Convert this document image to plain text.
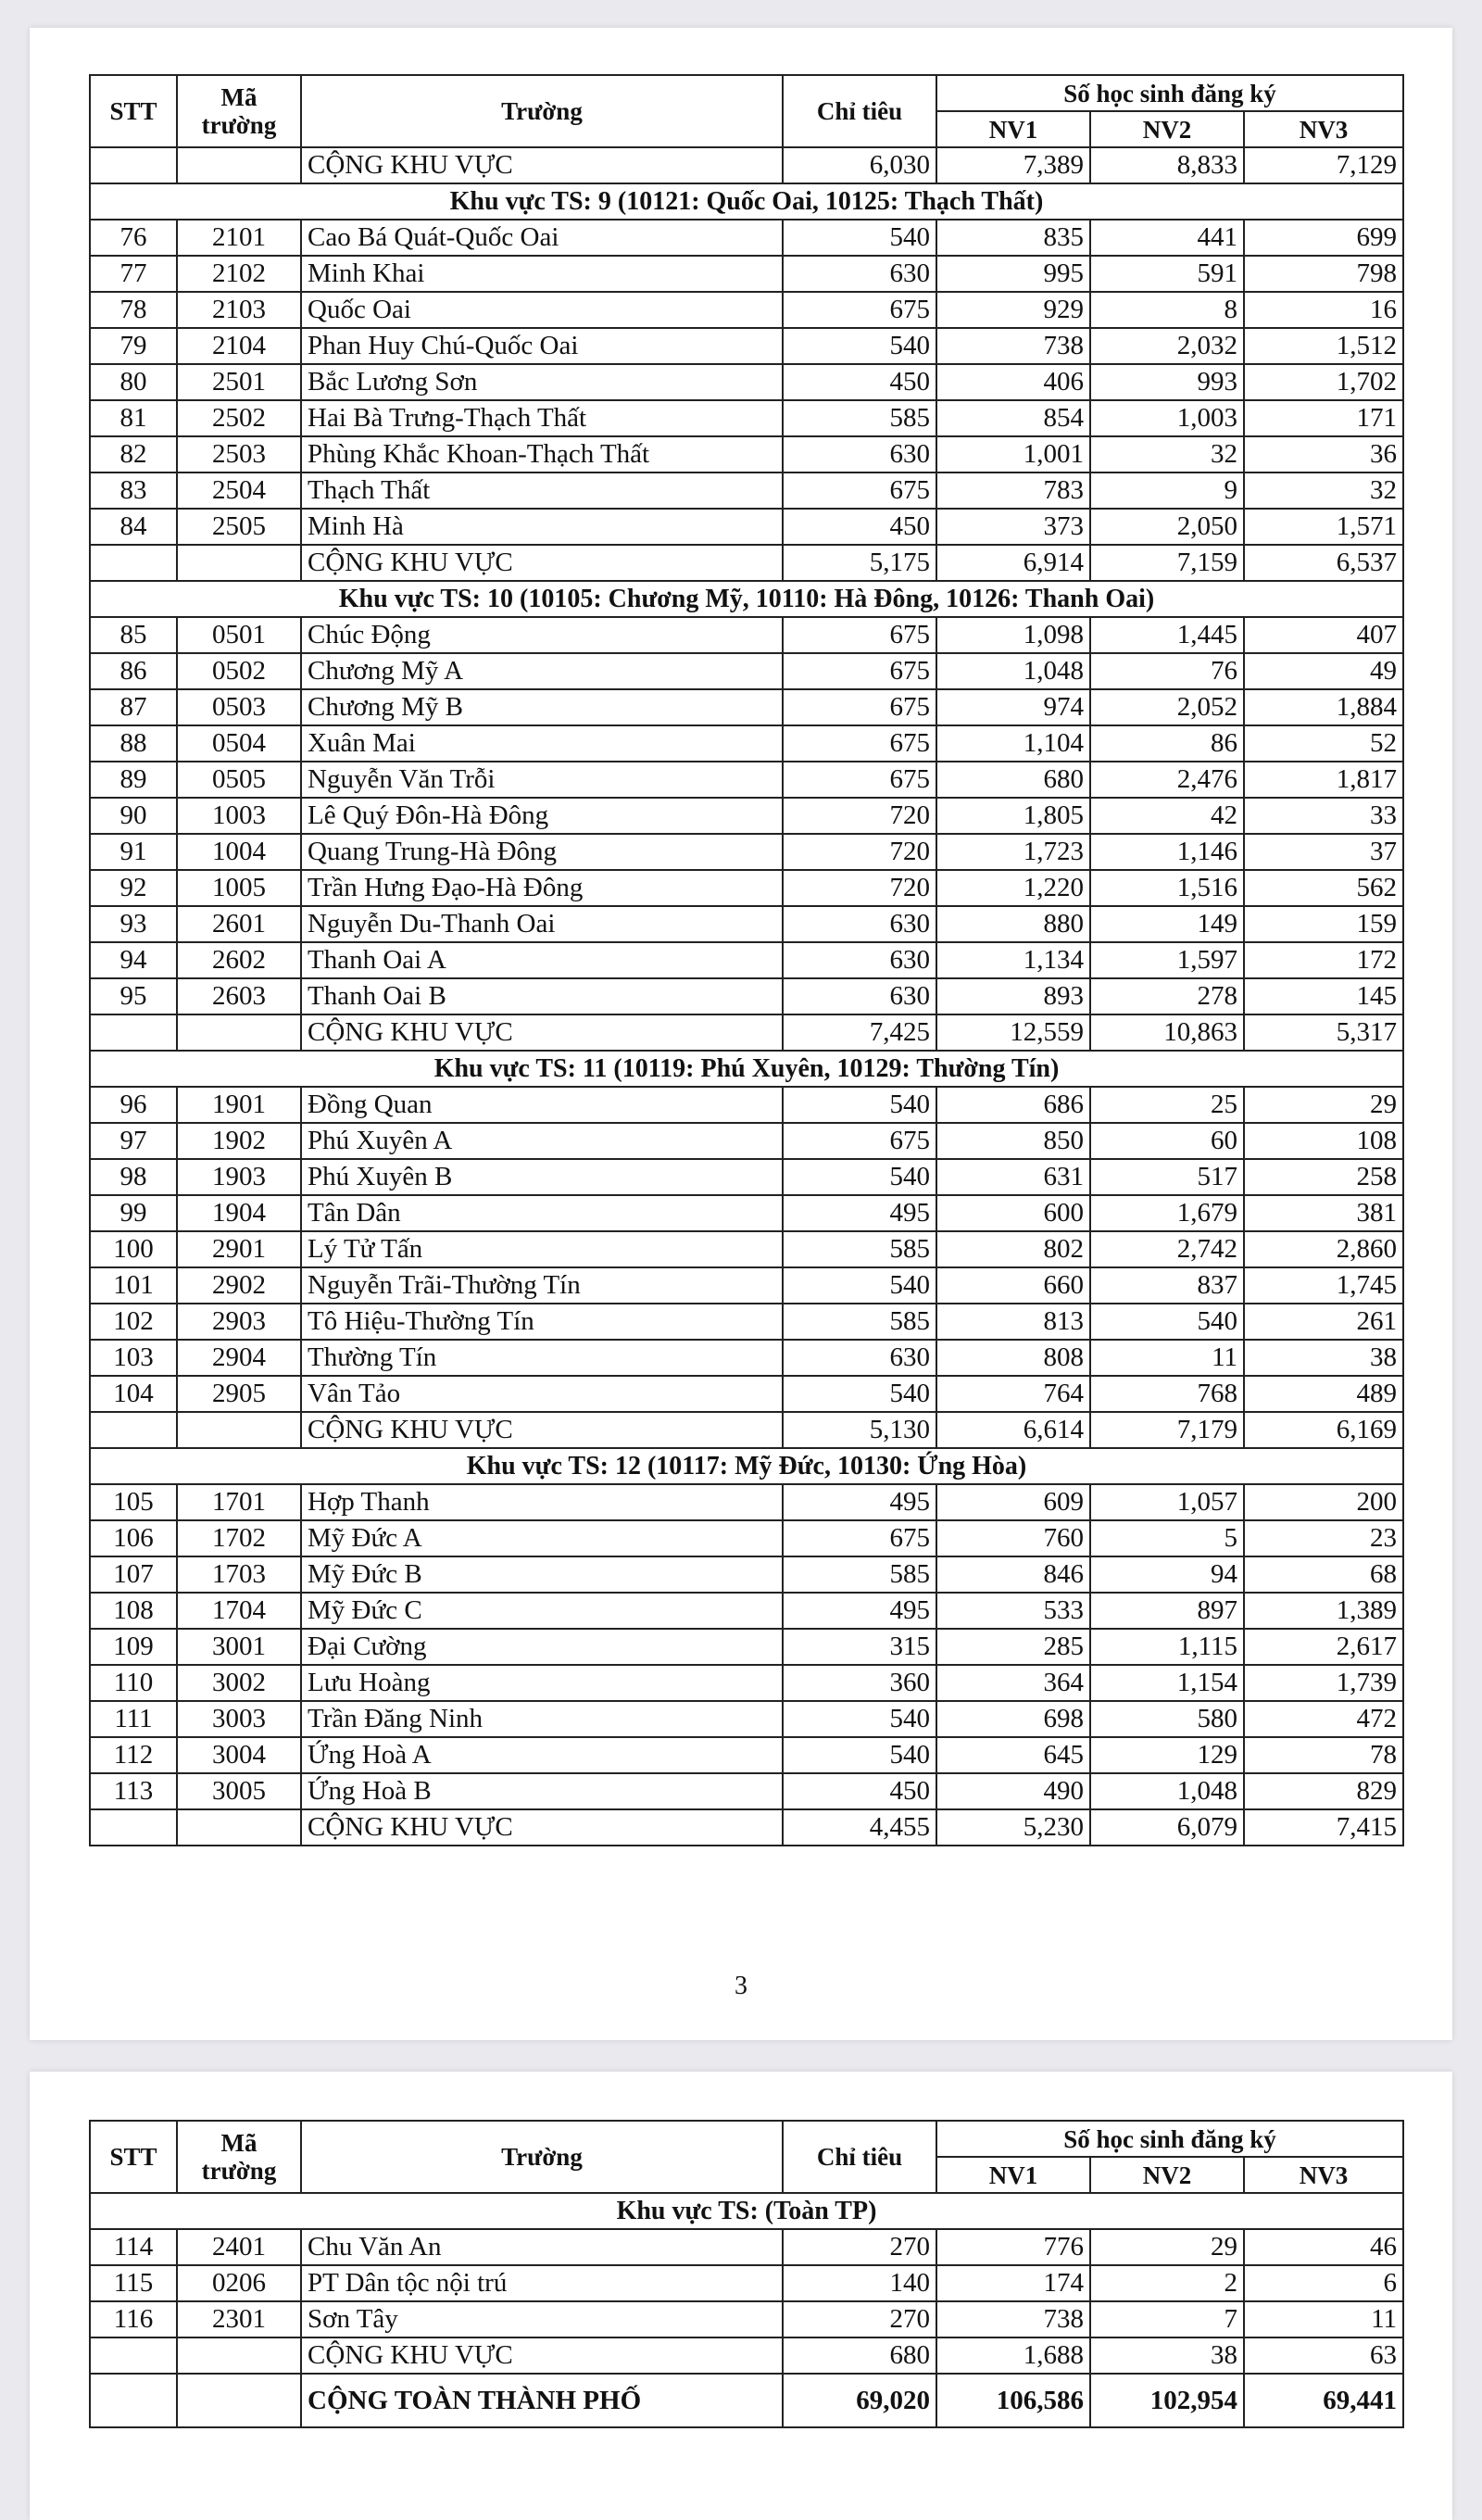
STT	Mã
trường	Trường	Chỉ tiêu	Số học sinh đăng ký		
				NV1	NV2	NV3
		CỘNG KHU VỰC	6,030	7,389	8,833	7,129
Khu vực TS: 9 (10121: Quốc Oai, 10125: Thạch Thất)						
76	2101	Cao Bá Quát-Quốc Oai	540	835	441	699
77	2102	Minh Khai	630	995	591	798
78	2103	Quốc Oai	675	929	8	16
79	2104	Phan Huy Chú-Quốc Oai	540	738	2,032	1,512
80	2501	Bắc Lương Sơn	450	406	993	1,702
81	2502	Hai Bà Trưng-Thạch Thất	585	854	1,003	171
82	2503	Phùng Khắc Khoan-Thạch Thất	630	1,001	32	36
83	2504	Thạch Thất	675	783	9	32
84	2505	Minh Hà	450	373	2,050	1,571
		CỘNG KHU VỰC	5,175	6,914	7,159	6,537
Khu vực TS: 10 (10105: Chương Mỹ, 10110: Hà Đông, 10126: Thanh Oai)						
85	0501	Chúc Động	675	1,098	1,445	407
86	0502	Chương Mỹ A	675	1,048	76	49
87	0503	Chương Mỹ B	675	974	2,052	1,884
88	0504	Xuân Mai	675	1,104	86	52
89	0505	Nguyễn Văn Trỗi	675	680	2,476	1,817
90	1003	Lê Quý Đôn-Hà Đông	720	1,805	42	33
91	1004	Quang Trung-Hà Đông	720	1,723	1,146	37
92	1005	Trần Hưng Đạo-Hà Đông	720	1,220	1,516	562
93	2601	Nguyễn Du-Thanh Oai	630	880	149	159
94	2602	Thanh Oai A	630	1,134	1,597	172
95	2603	Thanh Oai B	630	893	278	145
		CỘNG KHU VỰC	7,425	12,559	10,863	5,317
Khu vực TS: 11 (10119: Phú Xuyên, 10129: Thường Tín)						
96	1901	Đồng Quan	540	686	25	29
97	1902	Phú Xuyên A	675	850	60	108
98	1903	Phú Xuyên B	540	631	517	258
99	1904	Tân Dân	495	600	1,679	381
100	2901	Lý Tử Tấn	585	802	2,742	2,860
101	2902	Nguyễn Trãi-Thường Tín	540	660	837	1,745
102	2903	Tô Hiệu-Thường Tín	585	813	540	261
103	2904	Thường Tín	630	808	11	38
104	2905	Vân Tảo	540	764	768	489
		CỘNG KHU VỰC	5,130	6,614	7,179	6,169
Khu vực TS: 12 (10117: Mỹ Đức, 10130: Ứng Hòa)						
105	1701	Hợp Thanh	495	609	1,057	200
106	1702	Mỹ Đức A	675	760	5	23
107	1703	Mỹ Đức B	585	846	94	68
108	1704	Mỹ Đức C	495	533	897	1,389
109	3001	Đại Cường	315	285	1,115	2,617
110	3002	Lưu Hoàng	360	364	1,154	1,739
111	3003	Trần Đăng Ninh	540	698	580	472
112	3004	Ứng Hoà A	540	645	129	78
113	3005	Ứng Hoà B	450	490	1,048	829
		CỘNG KHU VỰC	4,455	5,230	6,079	7,415
3
STT	Mã
trường	Trường	Chỉ tiêu	Số học sinh đăng ký		
				NV1	NV2	NV3
Khu vực TS: (Toàn TP)						
114	2401	Chu Văn An	270	776	29	46
115	0206	PT Dân tộc nội trú	140	174	2	6
116	2301	Sơn Tây	270	738	7	11
		CỘNG KHU VỰC	680	1,688	38	63
		CỘNG TOÀN THÀNH PHỐ	69,020	106,586	102,954	69,441
